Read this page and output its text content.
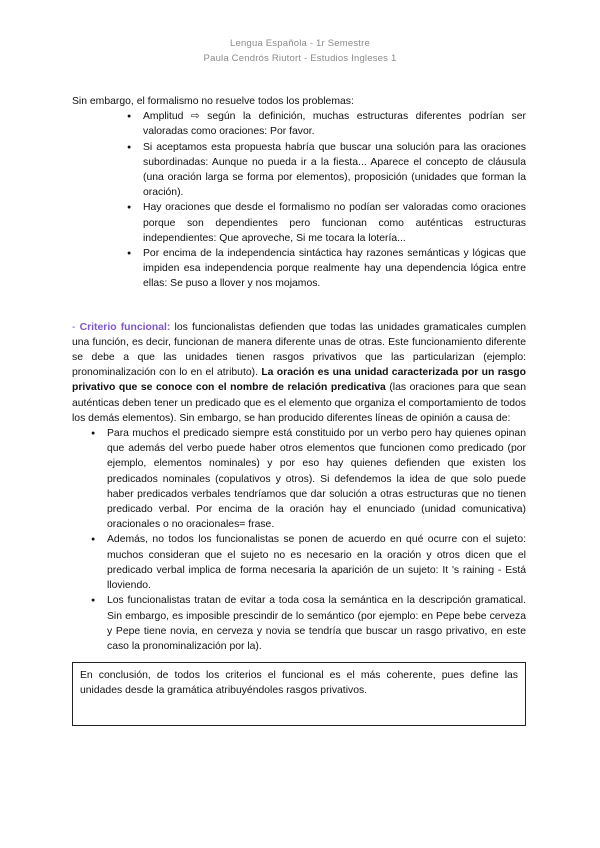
Lengua Española - 1r Semestre
Paula Cendrós Riutort - Estudios Ingleses 1

Sin embargo, el formalismo no resuelve todos los problemas:

● Amplitud ⇨ según la definición, muchas estructuras diferentes podrían ser valoradas como oraciones: Por favor.
● Si aceptamos esta propuesta habría que buscar una solución para las oraciones subordinadas: Aunque no pueda ir a la fiesta... Aparece el concepto de cláusula (una oración larga se forma por elementos), proposición (unidades que forman la oración).
● Hay oraciones que desde el formalismo no podían ser valoradas como oraciones porque son dependientes pero funcionan como auténticas estructuras independientes: Que aproveche, Si me tocara la lotería...
● Por encima de la independencia sintáctica hay razones semánticas y lógicas que impiden esa independencia porque realmente hay una dependencia lógica entre ellas: Se puso a llover y nos mojamos.

- Criterio funcional: los funcionalistas defienden que todas las unidades gramaticales cumplen una función, es decir, funcionan de manera diferente unas de otras. Este funcionamiento diferente se debe a que las unidades tienen rasgos privativos que las particularizan (ejemplo: pronominalización con lo en el atributo). La oración es una unidad caracterizada por un rasgo privativo que se conoce con el nombre de relación predicativa (las oraciones para que sean auténticas deben tener un predicado que es el elemento que organiza el comportamiento de todos los demás elementos). Sin embargo, se han producido diferentes líneas de opinión a causa de:

● Para muchos el predicado siempre está constituido por un verbo pero hay quienes opinan que además del verbo puede haber otros elementos que funcionen como predicado (por ejemplo, elementos nominales) y por eso hay quienes defienden que existen los predicados nominales (copulativos y otros). Si defendemos la idea de que solo puede haber predicados verbales tendríamos que dar solución a otras estructuras que no tienen predicado verbal. Por encima de la oración hay el enunciado (unidad comunicativa) oracionales o no oracionales= frase.
● Además, no todos los funcionalistas se ponen de acuerdo en qué ocurre con el sujeto: muchos consideran que el sujeto no es necesario en la oración y otros dicen que el predicado verbal implica de forma necesaria la aparición de un sujeto: It 's raining - Está lloviendo.
● Los funcionalistas tratan de evitar a toda cosa la semántica en la descripción gramatical. Sin embargo, es imposible prescindir de lo semántico (por ejemplo: en Pepe bebe cerveza y Pepe tiene novia, en cerveza y novia se tendría que buscar un rasgo privativo, en este caso la pronominalización por la).
En conclusión, de todos los criterios el funcional es el más coherente, pues define las unidades desde la gramática atribuyéndoles rasgos privativos.
